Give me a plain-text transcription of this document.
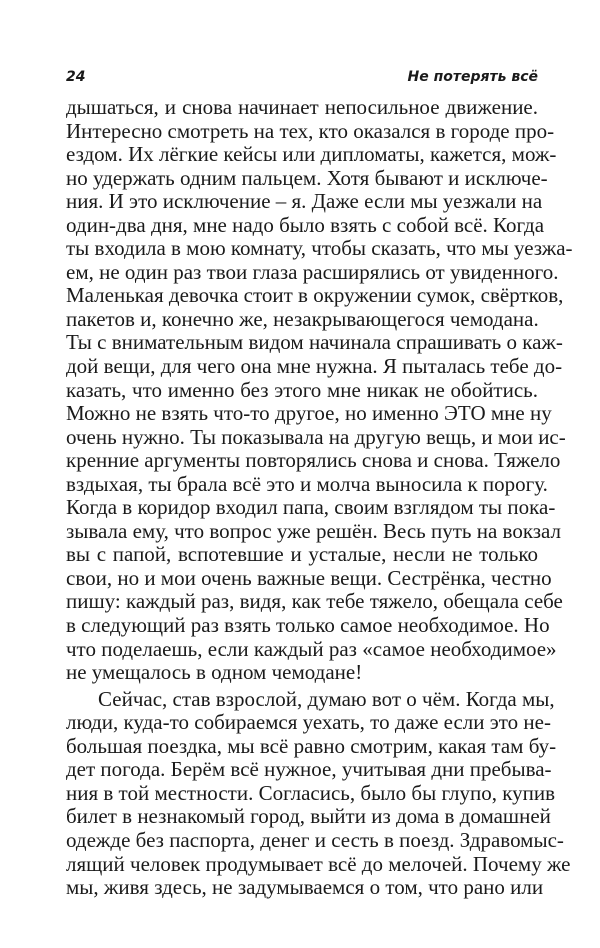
24	Не потерять всё
дышаться, и снова начинает непосильное движение.
Интересно смотреть на тех, кто оказался в городе про-
ездом. Их лёгкие кейсы или дипломаты, кажется, мож-
но удержать одним пальцем. Хотя бывают и исключе-
ния. И это исключение – я. Даже если мы уезжали на
один-два дня, мне надо было взять с собой всё. Когда
ты входила в мою комнату, чтобы сказать, что мы уезжа-
ем, не один раз твои глаза расширялись от увиденного.
Маленькая девочка стоит в окружении сумок, свёртков,
пакетов и, конечно же, незакрывающегося чемодана.
Ты с внимательным видом начинала спрашивать о каж-
дой вещи, для чего она мне нужна. Я пыталась тебе до-
казать, что именно без этого мне никак не обойтись.
Можно не взять что-то другое, но именно ЭТО мне ну
очень нужно. Ты показывала на другую вещь, и мои ис-
кренние аргументы повторялись снова и снова. Тяжело
вздыхая, ты брала всё это и молча выносила к порогу.
Когда в коридор входил папа, своим взглядом ты пока-
зывала ему, что вопрос уже решён. Весь путь на вокзал
вы с папой, вспотевшие и усталые, несли не только
свои, но и мои очень важные вещи. Сестрёнка, честно
пишу: каждый раз, видя, как тебе тяжело, обещала себе
в следующий раз взять только самое необходимое. Но
что поделаешь, если каждый раз «самое необходимое»
не умещалось в одном чемодане!
Сейчас, став взрослой, думаю вот о чём. Когда мы,
люди, куда-то собираемся уехать, то даже если это не-
большая поездка, мы всё равно смотрим, какая там бу-
дет погода. Берём всё нужное, учитывая дни пребыва-
ния в той местности. Согласись, было бы глупо, купив
билет в незнакомый город, выйти из дома в домашней
одежде без паспорта, денег и сесть в поезд. Здравомыс-
лящий человек продумывает всё до мелочей. Почему же
мы, живя здесь, не задумываемся о том, что рано или
